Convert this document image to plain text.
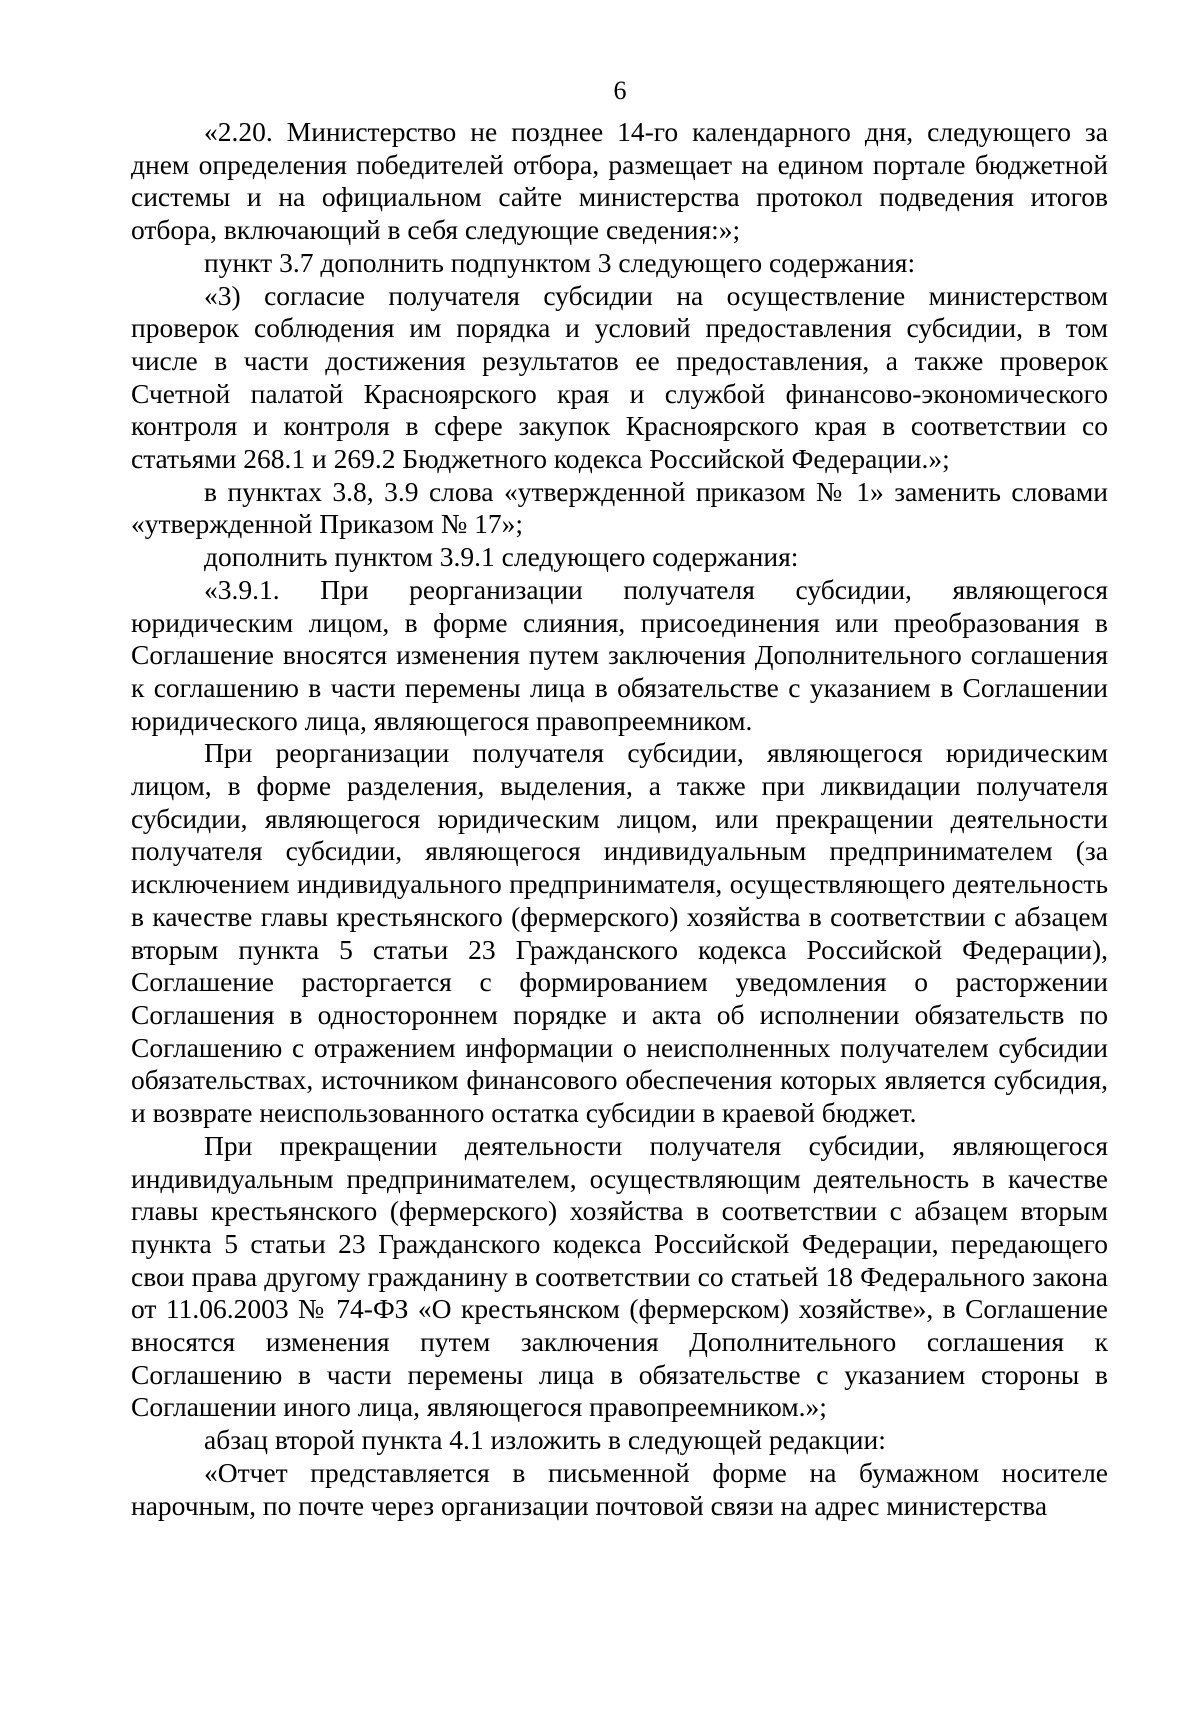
6

«2.20. Министерство не позднее 14-го календарного дня, следующего за днем определения победителей отбора, размещает на едином портале бюджетной системы и на официальном сайте министерства протокол подведения итогов отбора, включающий в себя следующие сведения:»;

пункт 3.7 дополнить подпунктом 3 следующего содержания:

«3) согласие получателя субсидии на осуществление министерством проверок соблюдения им порядка и условий предоставления субсидии, в том числе в части достижения результатов ее предоставления, а также проверок Счетной палатой Красноярского края и службой финансово-экономического контроля и контроля в сфере закупок Красноярского края в соответствии со статьями 268.1 и 269.2 Бюджетного кодекса Российской Федерации.»;

в пунктах 3.8, 3.9 слова «утвержденной приказом № 1» заменить словами «утвержденной Приказом № 17»;

дополнить пунктом 3.9.1 следующего содержания:

«3.9.1. При реорганизации получателя субсидии, являющегося юридическим лицом, в форме слияния, присоединения или преобразования в Соглашение вносятся изменения путем заключения Дополнительного соглашения к соглашению в части перемены лица в обязательстве с указанием в Соглашении юридического лица, являющегося правопреемником.

При реорганизации получателя субсидии, являющегося юридическим лицом, в форме разделения, выделения, а также при ликвидации получателя субсидии, являющегося юридическим лицом, или прекращении деятельности получателя субсидии, являющегося индивидуальным предпринимателем (за исключением индивидуального предпринимателя, осуществляющего деятельность в качестве главы крестьянского (фермерского) хозяйства в соответствии с абзацем вторым пункта 5 статьи 23 Гражданского кодекса Российской Федерации), Соглашение расторгается с формированием уведомления о расторжении Соглашения в одностороннем порядке и акта об исполнении обязательств по Соглашению с отражением информации о неисполненных получателем субсидии обязательствах, источником финансового обеспечения которых является субсидия, и возврате неиспользованного остатка субсидии в краевой бюджет.

При прекращении деятельности получателя субсидии, являющегося индивидуальным предпринимателем, осуществляющим деятельность в качестве главы крестьянского (фермерского) хозяйства в соответствии с абзацем вторым пункта 5 статьи 23 Гражданского кодекса Российской Федерации, передающего свои права другому гражданину в соответствии со статьей 18 Федерального закона от 11.06.2003 № 74-ФЗ «О крестьянском (фермерском) хозяйстве», в Соглашение вносятся изменения путем заключения Дополнительного соглашения к Соглашению в части перемены лица в обязательстве с указанием стороны в Соглашении иного лица, являющегося правопреемником.»;

абзац второй пункта 4.1 изложить в следующей редакции:

«Отчет представляется в письменной форме на бумажном носителе нарочным, по почте через организации почтовой связи на адрес министерства
